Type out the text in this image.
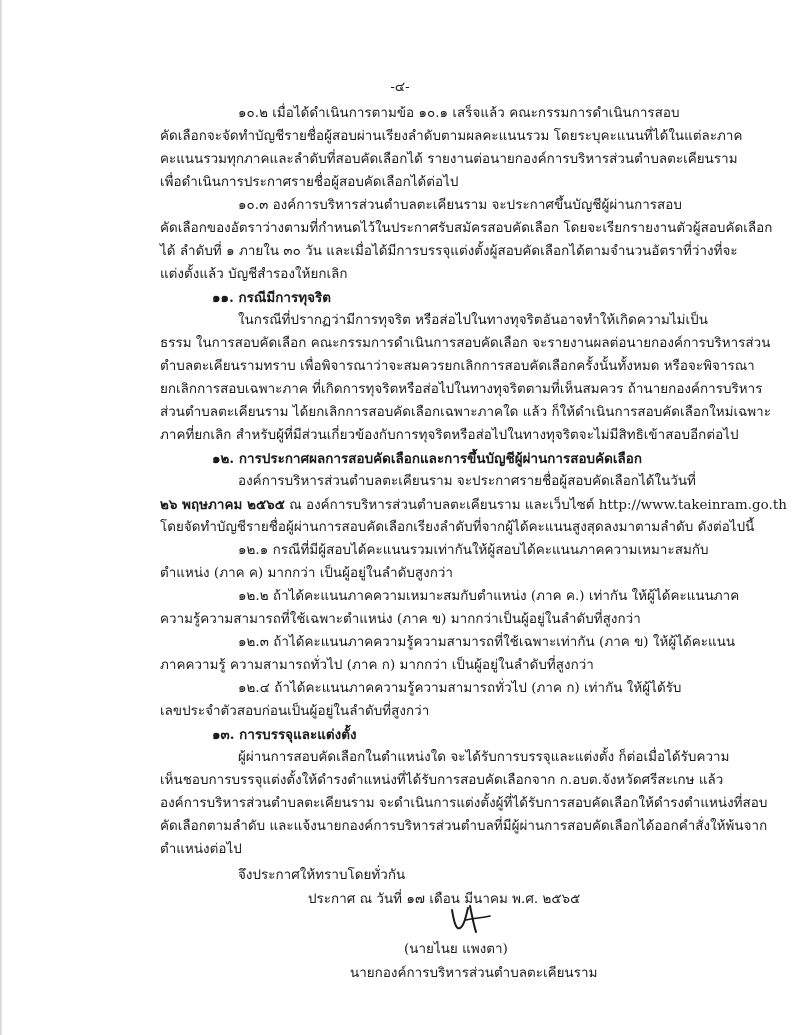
-๔-
๑๐.๒ เมื่อได้ดำเนินการตามข้อ ๑๐.๑ เสร็จแล้ว คณะกรรมการดำเนินการสอบ
คัดเลือกจะจัดทำบัญชีรายชื่อผู้สอบผ่านเรียงลำดับตามผลคะแนนรวม โดยระบุคะแนนที่ได้ในแต่ละภาค
คะแนนรวมทุกภาคและลำดับที่สอบคัดเลือกได้ รายงานต่อนายกองค์การบริหารส่วนตำบลตะเคียนราม
เพื่อดำเนินการประกาศรายชื่อผู้สอบคัดเลือกได้ต่อไป
๑๐.๓ องค์การบริหารส่วนตำบลตะเคียนราม จะประกาศขึ้นบัญชีผู้ผ่านการสอบ
คัดเลือกของอัตราว่างตามที่กำหนดไว้ในประกาศรับสมัครสอบคัดเลือก โดยจะเรียกรายงานตัวผู้สอบคัดเลือก
ได้ ลำดับที่ ๑ ภายใน ๓๐ วัน และเมื่อได้มีการบรรจุแต่งตั้งผู้สอบคัดเลือกได้ตามจำนวนอัตราที่ว่างที่จะ
แต่งตั้งแล้ว บัญชีสำรองให้ยกเลิก
๑๑. กรณีมีการทุจริต
ในกรณีที่ปรากฏว่ามีการทุจริต หรือส่อไปในทางทุจริตอันอาจทำให้เกิดความไม่เป็น
ธรรม ในการสอบคัดเลือก คณะกรรมการดำเนินการสอบคัดเลือก จะรายงานผลต่อนายกองค์การบริหารส่วน
ตำบลตะเคียนรามทราบ เพื่อพิจารณาว่าจะสมควรยกเลิกการสอบคัดเลือกครั้งนั้นทั้งหมด หรือจะพิจารณา
ยกเลิกการสอบเฉพาะภาค ที่เกิดการทุจริตหรือส่อไปในทางทุจริตตามที่เห็นสมควร ถ้านายกองค์การบริหาร
ส่วนตำบลตะเคียนราม ได้ยกเลิกการสอบคัดเลือกเฉพาะภาคใด แล้ว ก็ให้ดำเนินการสอบคัดเลือกใหม่เฉพาะ
ภาคที่ยกเลิก สำหรับผู้ที่มีส่วนเกี่ยวข้องกับการทุจริตหรือส่อไปในทางทุจริตจะไม่มีสิทธิเข้าสอบอีกต่อไป
๑๒. การประกาศผลการสอบคัดเลือกและการขึ้นบัญชีผู้ผ่านการสอบคัดเลือก
องค์การบริหารส่วนตำบลตะเคียนราม จะประกาศรายชื่อผู้สอบคัดเลือกได้ในวันที่
๒๖ พฤษภาคม ๒๕๖๕ ณ องค์การบริหารส่วนตำบลตะเคียนราม และเว็บไซต์ http://www.takeinram.go.th
โดยจัดทำบัญชีรายชื่อผู้ผ่านการสอบคัดเลือกเรียงลำดับที่จากผู้ได้คะแนนสูงสุดลงมาตามลำดับ ดังต่อไปนี้
๑๒.๑ กรณีที่มีผู้สอบได้คะแนนรวมเท่ากันให้ผู้สอบได้คะแนนภาคความเหมาะสมกับ
ตำแหน่ง (ภาค ค) มากกว่า เป็นผู้อยู่ในลำดับสูงกว่า
๑๒.๒ ถ้าได้คะแนนภาคความเหมาะสมกับตำแหน่ง (ภาค ค.) เท่ากัน ให้ผู้ได้คะแนนภาค
ความรู้ความสามารถที่ใช้เฉพาะตำแหน่ง (ภาค ข) มากกว่าเป็นผู้อยู่ในลำดับที่สูงกว่า
๑๒.๓ ถ้าได้คะแนนภาคความรู้ความสามารถที่ใช้เฉพาะเท่ากัน (ภาค ข) ให้ผู้ได้คะแนน
ภาคความรู้ ความสามารถทั่วไป (ภาค ก) มากกว่า เป็นผู้อยู่ในลำดับที่สูงกว่า
๑๒.๔ ถ้าได้คะแนนภาคความรู้ความสามารถทั่วไป (ภาค ก) เท่ากัน ให้ผู้ได้รับ
เลขประจำตัวสอบก่อนเป็นผู้อยู่ในลำดับที่สูงกว่า
๑๓. การบรรจุและแต่งตั้ง
ผู้ผ่านการสอบคัดเลือกในตำแหน่งใด จะได้รับการบรรจุและแต่งตั้ง ก็ต่อเมื่อได้รับความ
เห็นชอบการบรรจุแต่งตั้งให้ดำรงตำแหน่งที่ได้รับการสอบคัดเลือกจาก ก.อบต.จังหวัดศรีสะเกษ แล้ว
องค์การบริหารส่วนตำบลตะเคียนราม จะดำเนินการแต่งตั้งผู้ที่ได้รับการสอบคัดเลือกให้ดำรงตำแหน่งที่สอบ
คัดเลือกตามลำดับ และแจ้งนายกองค์การบริหารส่วนตำบลที่มีผู้ผ่านการสอบคัดเลือกได้ออกคำสั่งให้พ้นจาก
ตำแหน่งต่อไป
จึงประกาศให้ทราบโดยทั่วกัน
ประกาศ ณ วันที่ ๑๗ เดือน มีนาคม พ.ศ. ๒๕๖๕
(นายไนย แพงตา)
นายกองค์การบริหารส่วนตำบลตะเคียนราม
